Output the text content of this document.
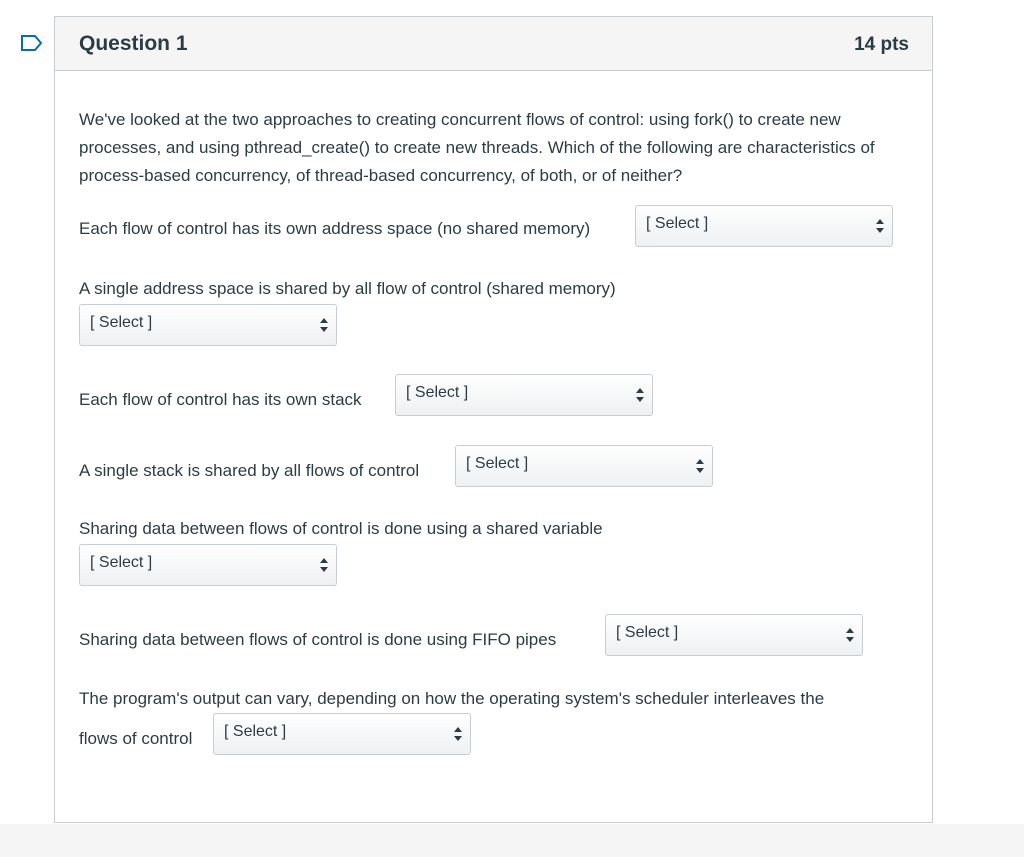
Question 1	14 pts
We've looked at the two approaches to creating concurrent flows of control: using fork() to create new processes, and using pthread_create() to create new threads. Which of the following are characteristics of process-based concurrency, of thread-based concurrency, of both, or of neither?
Each flow of control has its own address space (no shared memory)	[ Select ]
A single address space is shared by all flow of control (shared memory)
[ Select ]
Each flow of control has its own stack	[ Select ]
A single stack is shared by all flows of control	[ Select ]
Sharing data between flows of control is done using a shared variable
[ Select ]
Sharing data between flows of control is done using FIFO pipes	[ Select ]
The program's output can vary, depending on how the operating system's scheduler interleaves the
flows of control [ Select ]
